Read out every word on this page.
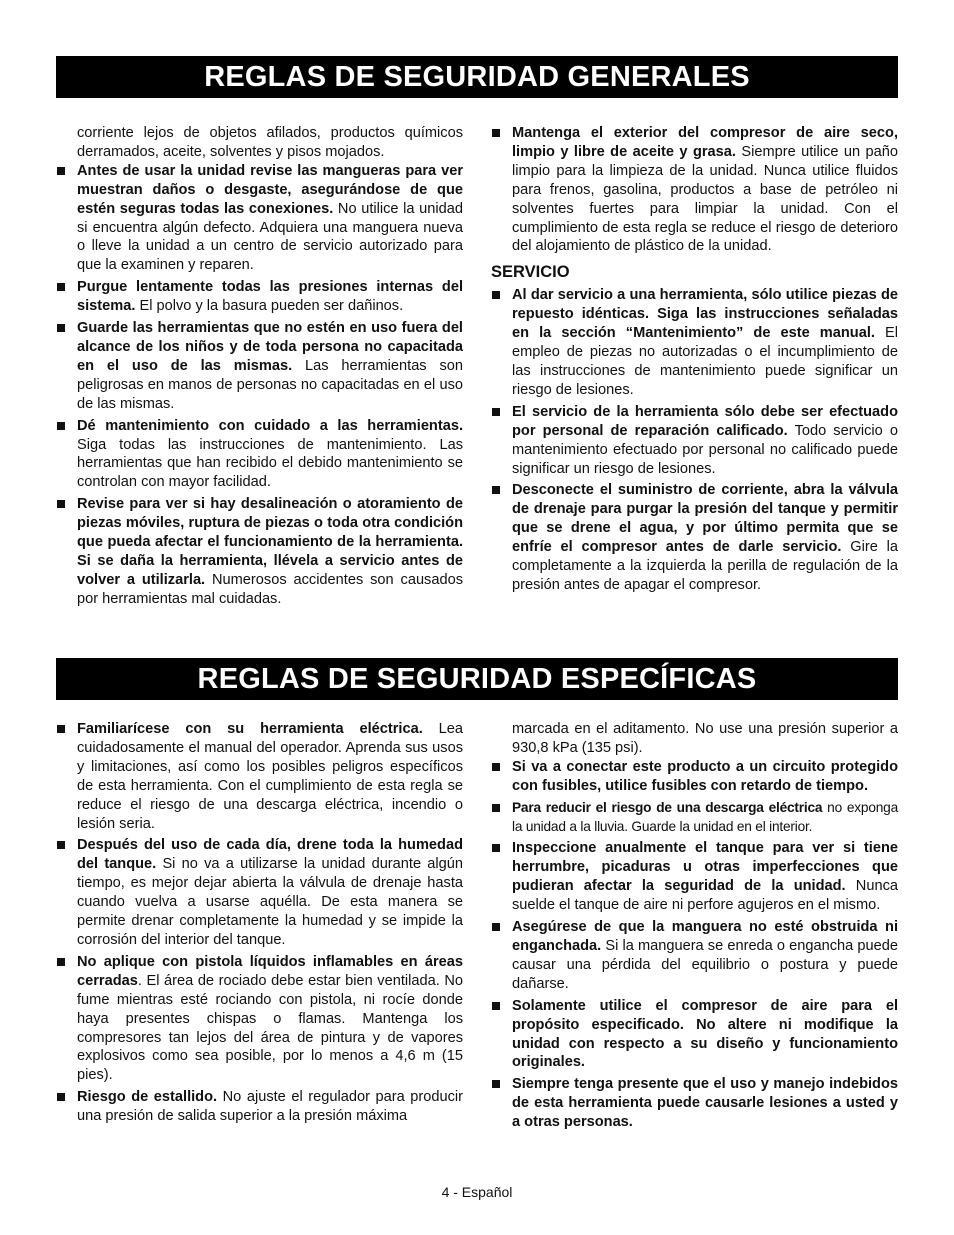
REGLAS DE SEGURIDAD GENERALES

corriente lejos de objetos afilados, productos químicos derramados, aceite, solventes y pisos mojados.

Antes de usar la unidad revise las mangueras para ver muestran daños o desgaste, asegurándose de que estén seguras todas las conexiones. No utilice la unidad si encuentra algún defecto. Adquiera una manguera nueva o lleve la unidad a un centro de servicio autorizado para que la examinen y reparen.
Purgue lentamente todas las presiones internas del sistema. El polvo y la basura pueden ser dañinos.
Guarde las herramientas que no estén en uso fuera del alcance de los niños y de toda persona no capacitada en el uso de las mismas. Las herramientas son peligrosas en manos de personas no capacitadas en el uso de las mismas.
Dé mantenimiento con cuidado a las herramientas. Siga todas las instrucciones de mantenimiento. Las herramientas que han recibido el debido mantenimiento se controlan con mayor facilidad.
Revise para ver si hay desalineación o atoramiento de piezas móviles, ruptura de piezas o toda otra condición que pueda afectar el funcionamiento de la herramienta. Si se daña la herramienta, llévela a servicio antes de volver a utilizarla. Numerosos accidentes son causados por herramientas mal cuidadas.
Mantenga el exterior del compresor de aire seco, limpio y libre de aceite y grasa. Siempre utilice un paño limpio para la limpieza de la unidad. Nunca utilice fluidos para frenos, gasolina, productos a base de petróleo ni solventes fuertes para limpiar la unidad. Con el cumplimiento de esta regla se reduce el riesgo de deterioro del alojamiento de plástico de la unidad.
SERVICIO
Al dar servicio a una herramienta, sólo utilice piezas de repuesto idénticas. Siga las instrucciones señaladas en la sección “Mantenimiento” de este manual. El empleo de piezas no autorizadas o el incumplimiento de las instrucciones de mantenimiento puede significar un riesgo de lesiones.
El servicio de la herramienta sólo debe ser efectuado por personal de reparación calificado. Todo servicio o mantenimiento efectuado por personal no calificado puede significar un riesgo de lesiones.
Desconecte el suministro de corriente, abra la válvula de drenaje para purgar la presión del tanque y permitir que se drene el agua, y por último permita que se enfríe el compresor antes de darle servicio. Gire la completamente a la izquierda la perilla de regulación de la presión antes de apagar el compresor.
REGLAS DE SEGURIDAD ESPECÍFICAS
Familiarícese con su herramienta eléctrica. Lea cuidadosamente el manual del operador. Aprenda sus usos y limitaciones, así como los posibles peligros específicos de esta herramienta. Con el cumplimiento de esta regla se reduce el riesgo de una descarga eléctrica, incendio o lesión seria.
Después del uso de cada día, drene toda la humedad del tanque. Si no va a utilizarse la unidad durante algún tiempo, es mejor dejar abierta la válvula de drenaje hasta cuando vuelva a usarse aquélla. De esta manera se permite drenar completamente la humedad y se impide la corrosión del interior del tanque.
No aplique con pistola líquidos inflamables en áreas cerradas. El área de rociado debe estar bien ventilada. No fume mientras esté rociando con pistola, ni rocíe donde haya presentes chispas o flamas. Mantenga los compresores tan lejos del área de pintura y de vapores explosivos como sea posible, por lo menos a 4,6 m (15 pies).
Riesgo de estallido. No ajuste el regulador para producir una presión de salida superior a la presión máxima

marcada en el aditamento. No use una presión superior a 930,8 kPa (135 psi).

Si va a conectar este producto a un circuito protegido con fusibles, utilice fusibles con retardo de tiempo.
Para reducir el riesgo de una descarga eléctrica no exponga la unidad a la lluvia. Guarde la unidad en el interior.
Inspeccione anualmente el tanque para ver si tiene herrumbre, picaduras u otras imperfecciones que pudieran afectar la seguridad de la unidad. Nunca suelde el tanque de aire ni perfore agujeros en el mismo.
Asegúrese de que la manguera no esté obstruida ni enganchada. Si la manguera se enreda o engancha puede causar una pérdida del equilibrio o postura y puede dañarse.
Solamente utilice el compresor de aire para el propósito especificado. No altere ni modifique la unidad con respecto a su diseño y funcionamiento originales.
Siempre tenga presente que el uso y manejo indebidos de esta herramienta puede causarle lesiones a usted y a otras personas.
4 - Español
